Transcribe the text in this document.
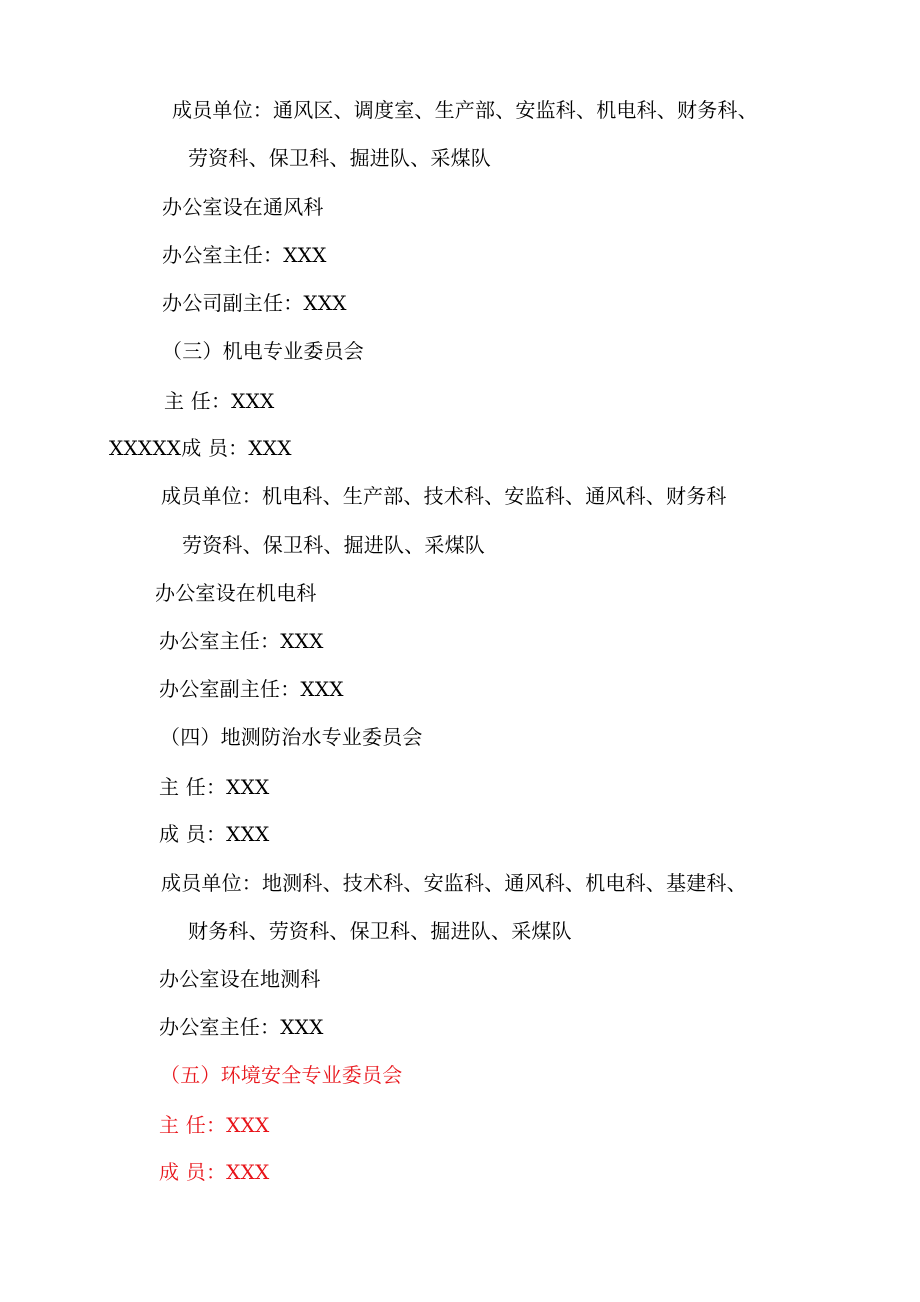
成员单位：通风区、调度室、生产部、安监科、机电科、财务科、
劳资科、保卫科、掘进队、采煤队
办公室设在通风科
办公室主任：XXX
办公司副主任：XXX
（三）机电专业委员会
主 任：XXX
XXXXX成 员：XXX
成员单位：机电科、生产部、技术科、安监科、通风科、财务科
劳资科、保卫科、掘进队、采煤队
办公室设在机电科
办公室主任：XXX
办公室副主任：XXX
（四）地测防治水专业委员会
主 任：XXX
成 员：XXX
成员单位：地测科、技术科、安监科、通风科、机电科、基建科、
财务科、劳资科、保卫科、掘进队、采煤队
办公室设在地测科
办公室主任：XXX
（五）环境安全专业委员会
主 任：XXX
成 员：XXX
